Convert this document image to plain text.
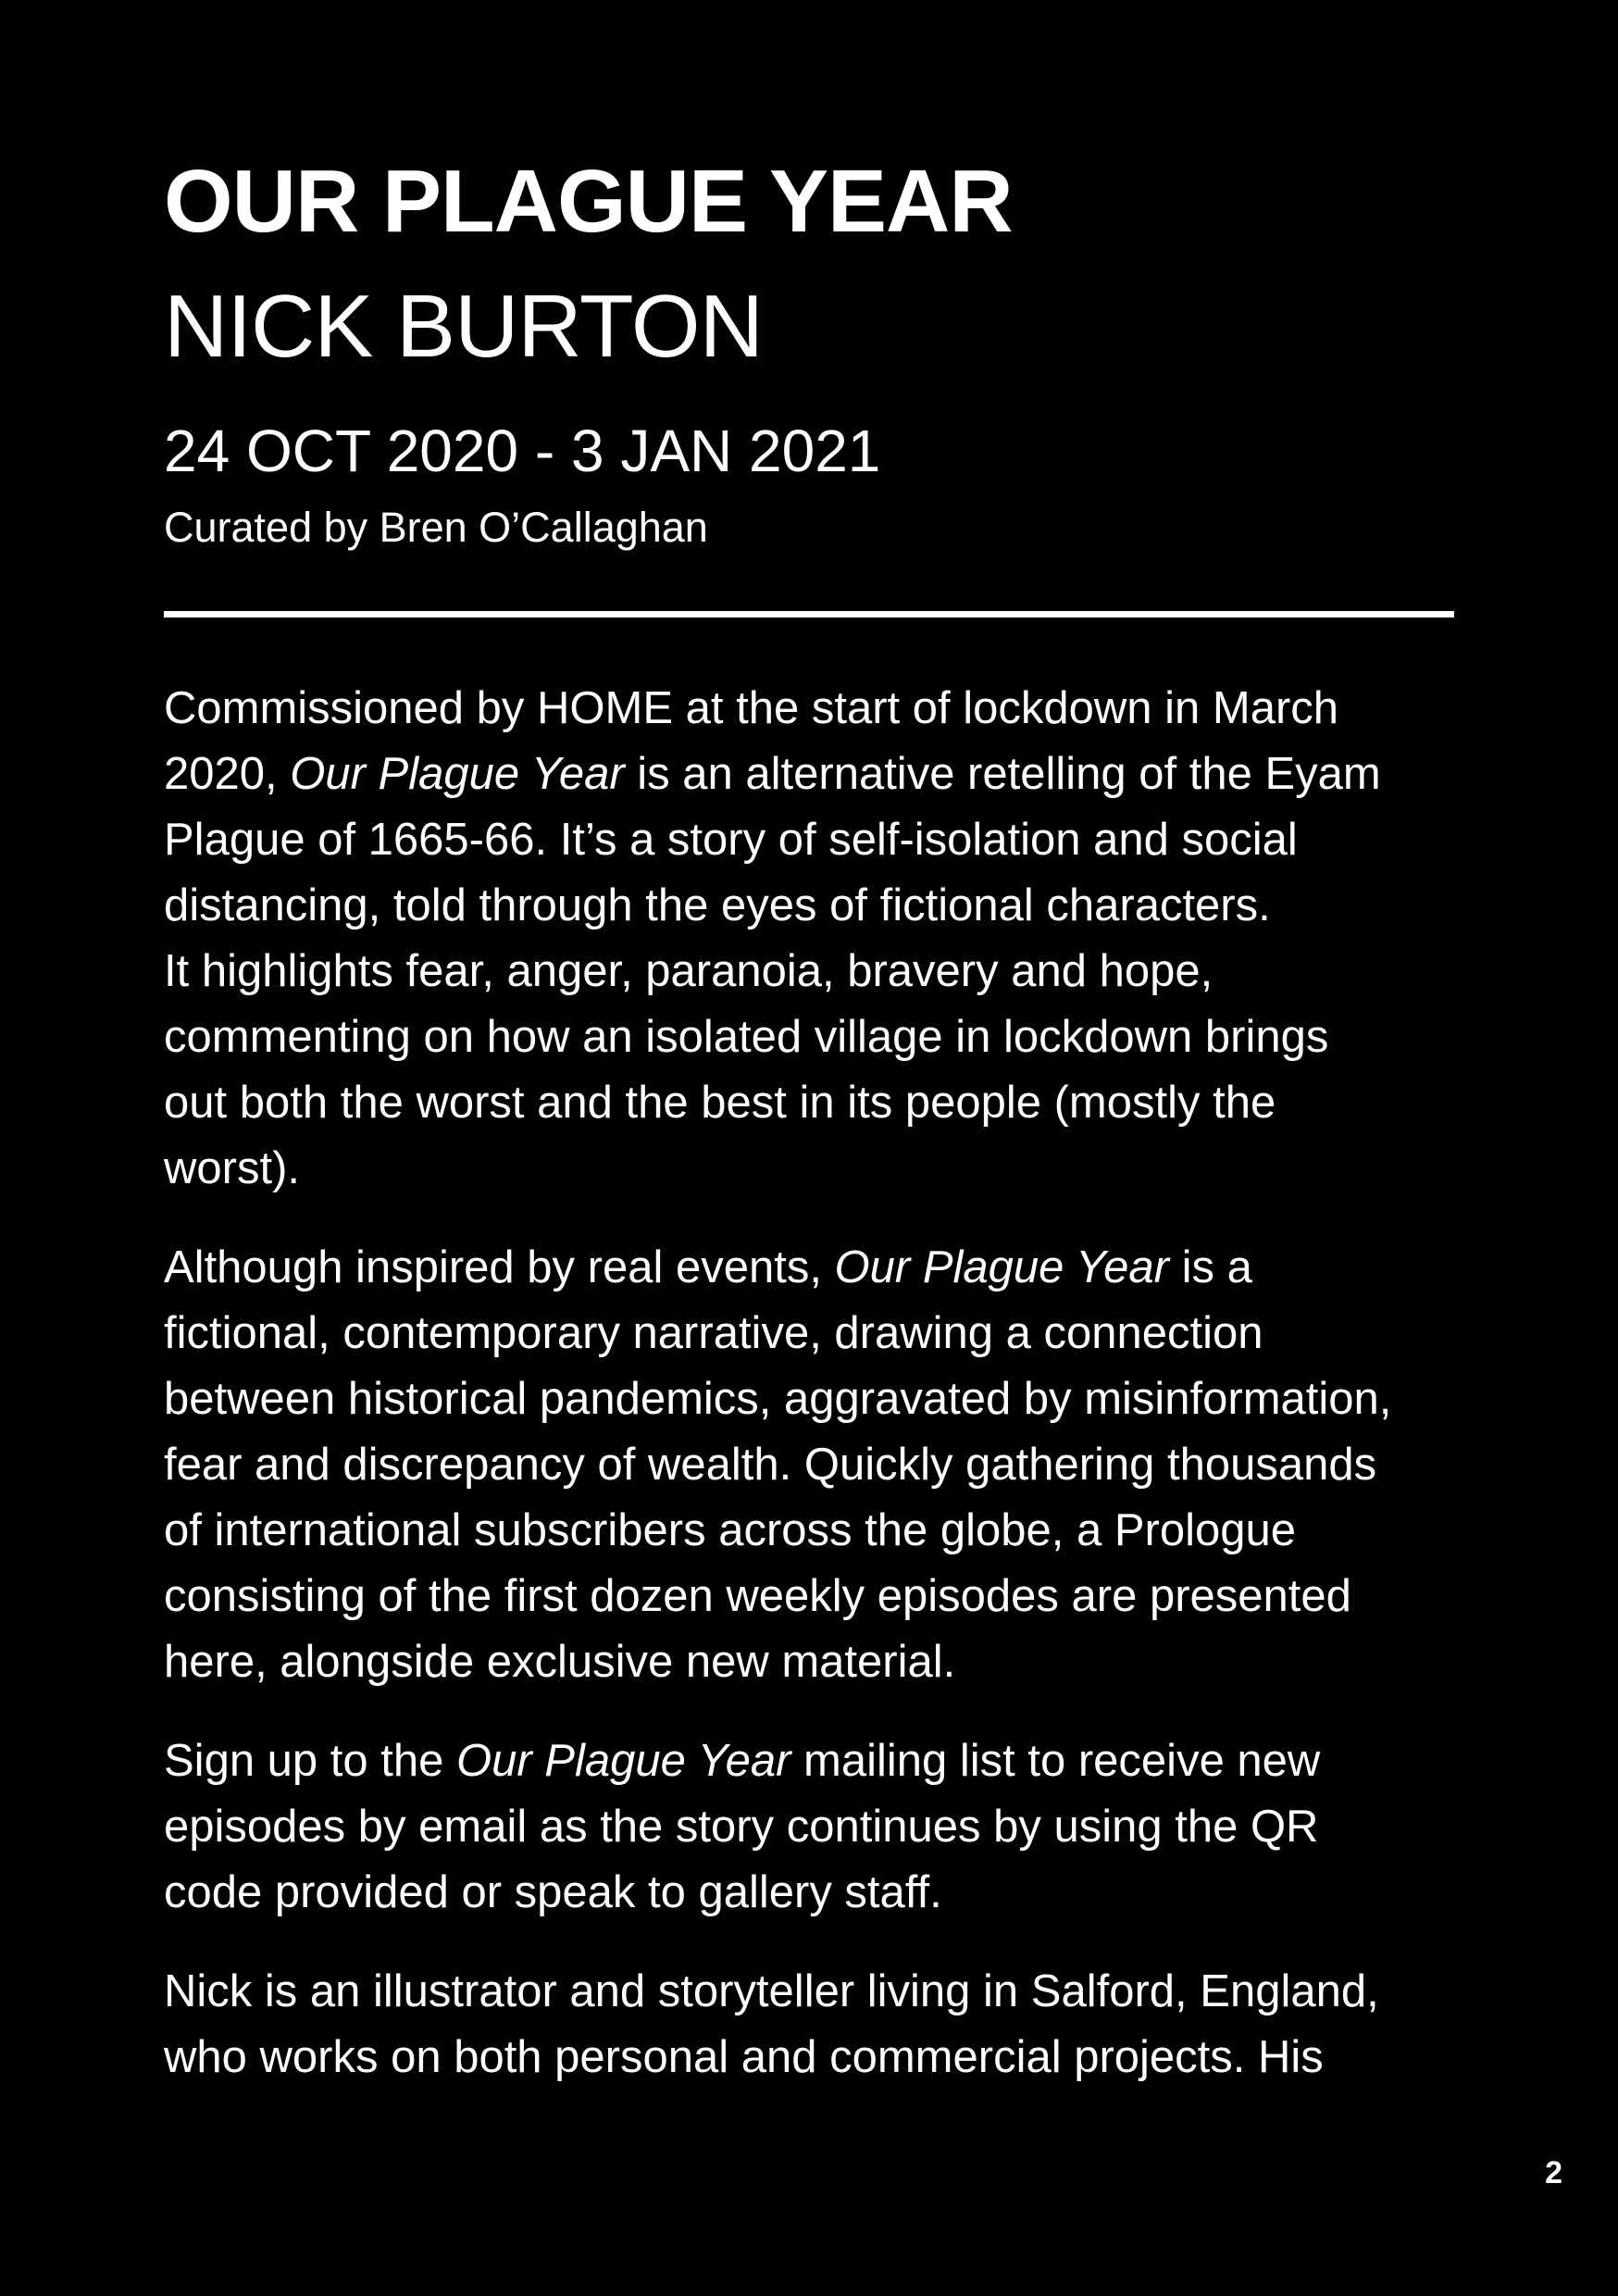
OUR PLAGUE YEAR
NICK BURTON

24 OCT 2020 - 3 JAN 2021

Curated by Bren O’Callaghan

Commissioned by HOME at the start of lockdown in March
2020, Our Plague Year is an alternative retelling of the Eyam
Plague of 1665-66. It’s a story of self-isolation and social
distancing, told through the eyes of fictional characters.
It highlights fear, anger, paranoia, bravery and hope,
commenting on how an isolated village in lockdown brings
out both the worst and the best in its people (mostly the
worst).

Although inspired by real events, Our Plague Year is a
fictional, contemporary narrative, drawing a connection
between historical pandemics, aggravated by misinformation,
fear and discrepancy of wealth. Quickly gathering thousands
of international subscribers across the globe, a Prologue
consisting of the first dozen weekly episodes are presented
here, alongside exclusive new material.

Sign up to the Our Plague Year mailing list to receive new
episodes by email as the story continues by using the QR
code provided or speak to gallery staff.

Nick is an illustrator and storyteller living in Salford, England,
who works on both personal and commercial projects. His

2
